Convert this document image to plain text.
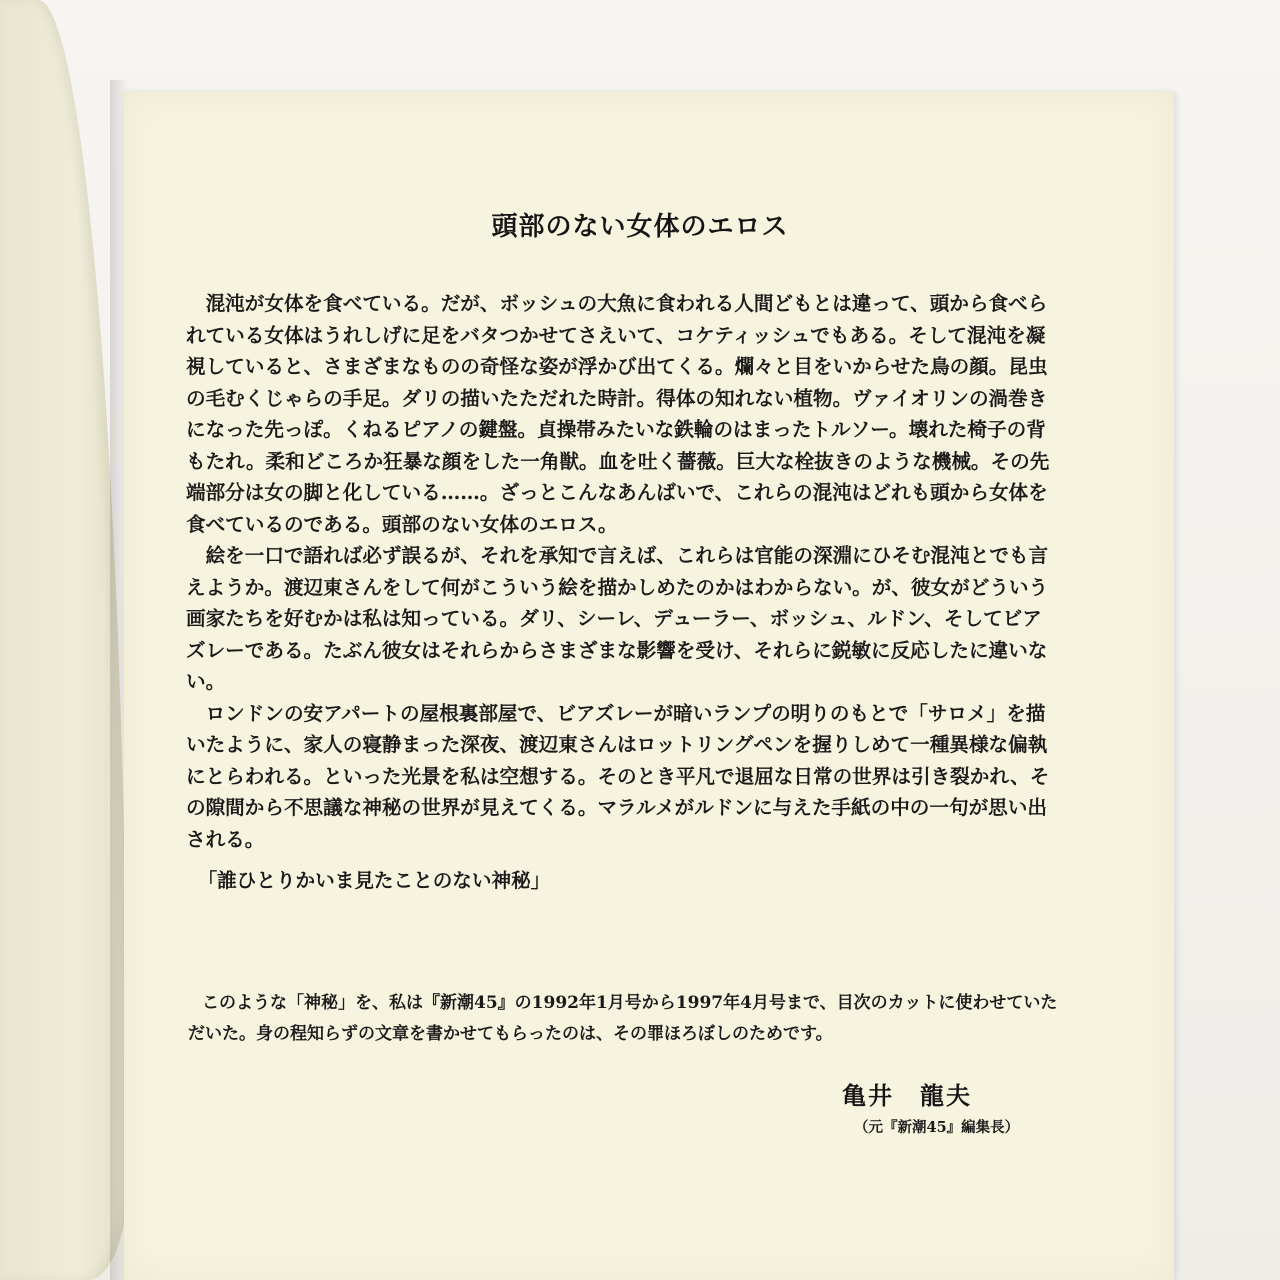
頭部のない女体のエロス

混沌が女体を食べている。だが、ボッシュの大魚に食われる人間どもとは違って、頭から食べら
れている女体はうれしげに足をバタつかせてさえいて、コケティッシュでもある。そして混沌を凝
視していると、さまざまなものの奇怪な姿が浮かび出てくる。爛々と目をいからせた鳥の顔。昆虫
の毛むくじゃらの手足。ダリの描いたただれた時計。得体の知れない植物。ヴァイオリンの渦巻き
になった先っぽ。くねるピアノの鍵盤。貞操帯みたいな鉄輪のはまったトルソー。壊れた椅子の背
もたれ。柔和どころか狂暴な顔をした一角獣。血を吐く薔薇。巨大な栓抜きのような機械。その先
端部分は女の脚と化している……。ざっとこんなあんばいで、これらの混沌はどれも頭から女体を
食べているのである。頭部のない女体のエロス。

絵を一口で語れば必ず誤るが、それを承知で言えば、これらは官能の深淵にひそむ混沌とでも言
えようか。渡辺東さんをして何がこういう絵を描かしめたのかはわからない。が、彼女がどういう
画家たちを好むかは私は知っている。ダリ、シーレ、デューラー、ボッシュ、ルドン、そしてビア
ズレーである。たぶん彼女はそれらからさまざまな影響を受け、それらに鋭敏に反応したに違いな
い。

ロンドンの安アパートの屋根裏部屋で、ビアズレーが暗いランプの明りのもとで「サロメ」を描
いたように、家人の寝静まった深夜、渡辺東さんはロットリングペンを握りしめて一種異様な偏執
にとらわれる。といった光景を私は空想する。そのとき平凡で退屈な日常の世界は引き裂かれ、そ
の隙間から不思議な神秘の世界が見えてくる。マラルメがルドンに与えた手紙の中の一句が思い出
される。

「誰ひとりかいま見たことのない神秘」

このような「神秘」を、私は『新潮45』の1992年1月号から1997年4月号まで、目次のカットに使わせていた
だいた。身の程知らずの文章を書かせてもらったのは、その罪ほろぼしのためです。
亀井　龍夫
（元『新潮45』編集長）
